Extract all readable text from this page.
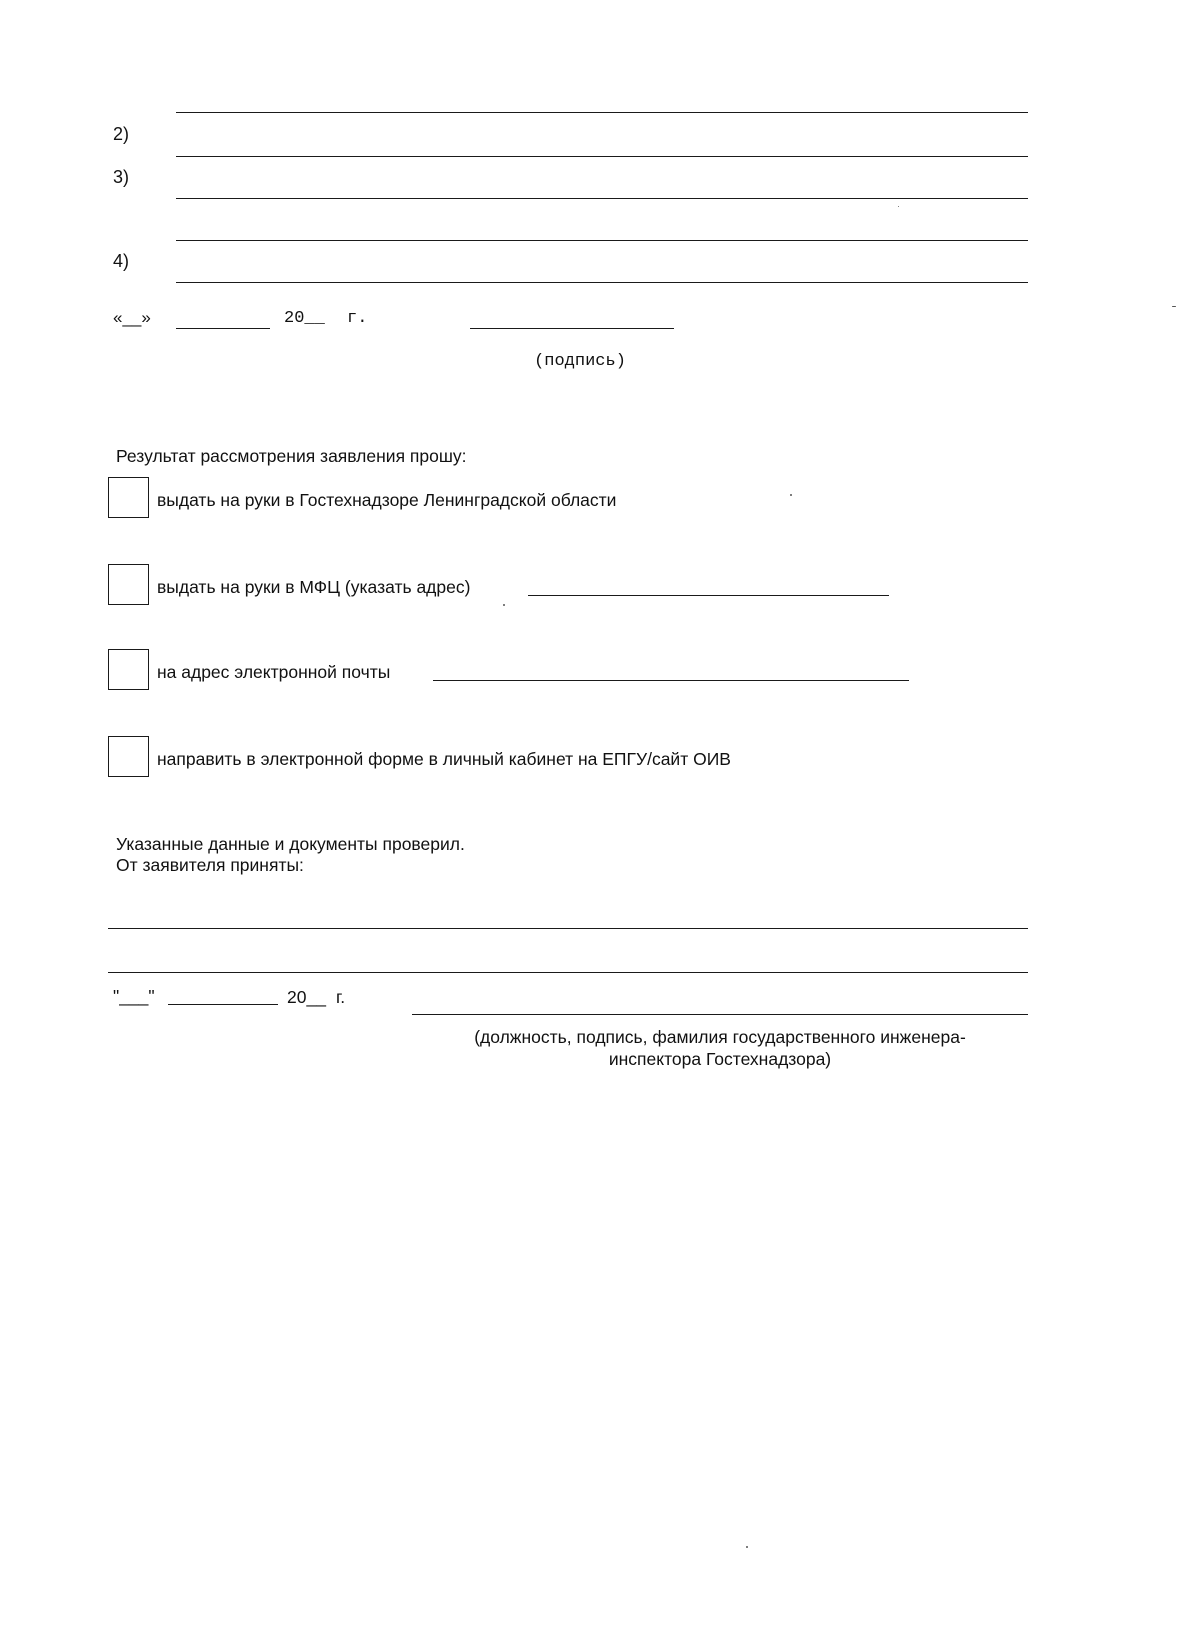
2)
3)
4)
«__»	20__ г.
(подпись)
Результат рассмотрения заявления прошу:
выдать на руки в Гостехнадзоре Ленинградской области
выдать на руки в МФЦ (указать адрес)
на адрес электронной почты
направить в электронной форме в личный кабинет на ЕПГУ/сайт ОИВ
Указанные данные и документы проверил.
От заявителя приняты:
"___"	20__ г.
(должность, подпись, фамилия государственного инженера-
инспектора Гостехнадзора)
